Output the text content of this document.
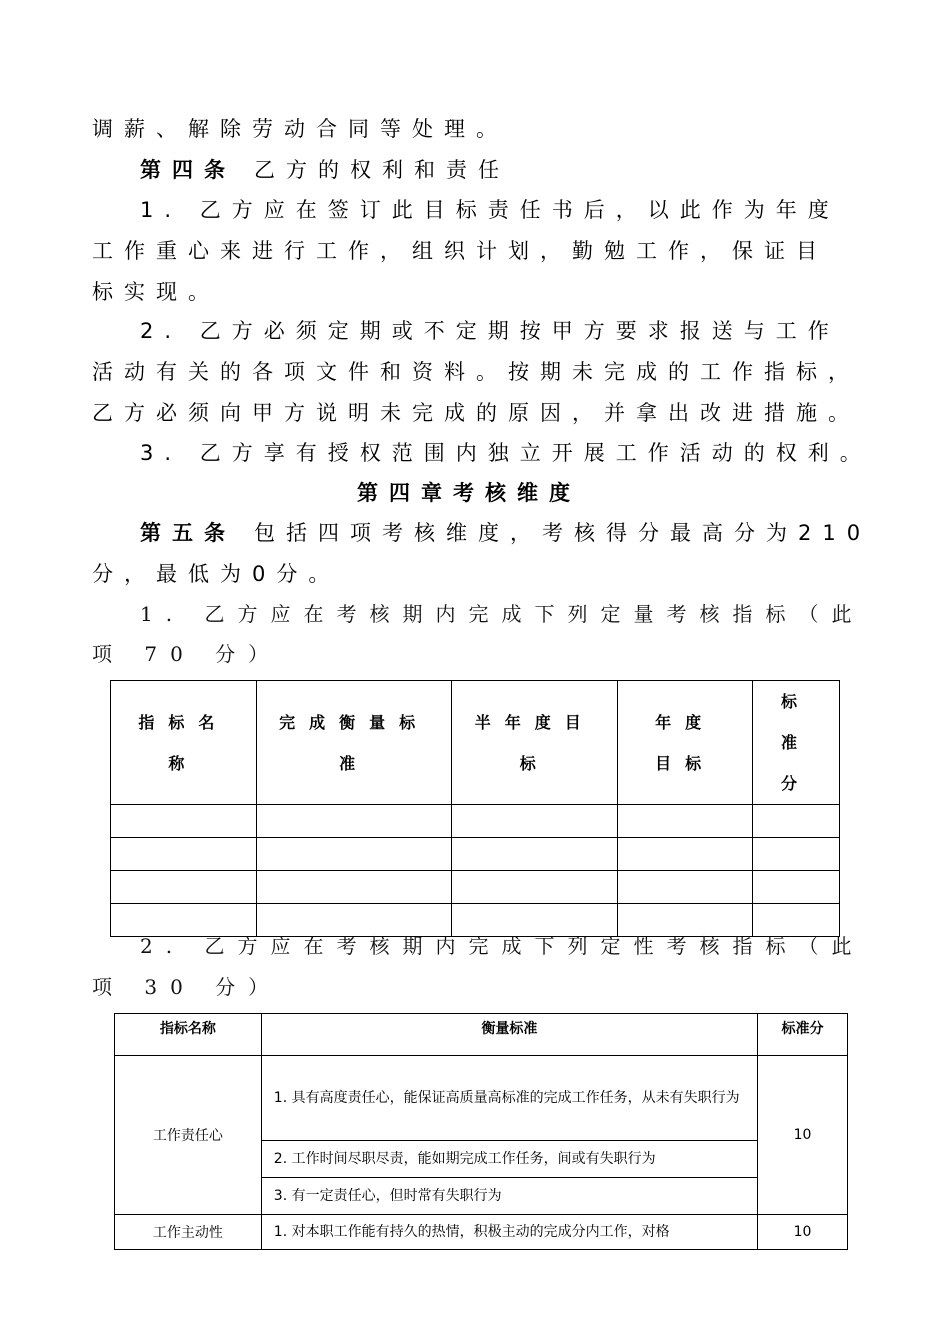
调薪、解除劳动合同等处理。
第四条 乙方的权利和责任
1. 乙方应在签订此目标责任书后，以此作为年度
工作重心来进行工作，组织计划，勤勉工作，保证目
标实现。
2. 乙方必须定期或不定期按甲方要求报送与工作
活动有关的各项文件和资料。按期未完成的工作指标，
乙方必须向甲方说明未完成的原因，并拿出改进措施。
3. 乙方享有授权范围内独立开展工作活动的权利。
第四章考核维度
第五条 包括四项考核维度，考核得分最高分为210
分，最低为0分。
1. 乙方应在考核期内完成下列定量考核指标（此
项 70 分）
指标名称	完成衡量标准	半年度目标	年度目标	标准分

2. 乙方应在考核期内完成下列定性考核指标（此
项 30 分）
指标名称	衡量标准	标准分
工作责任心	1. 具有高度责任心，能保证高质量高标准的完成工作任务，从未有失职行为	10
	2. 工作时间尽职尽责，能如期完成工作任务，间或有失职行为	
	3. 有一定责任心，但时常有失职行为	
工作主动性	1. 对本职工作能有持久的热情，积极主动的完成分内工作，对格	10
